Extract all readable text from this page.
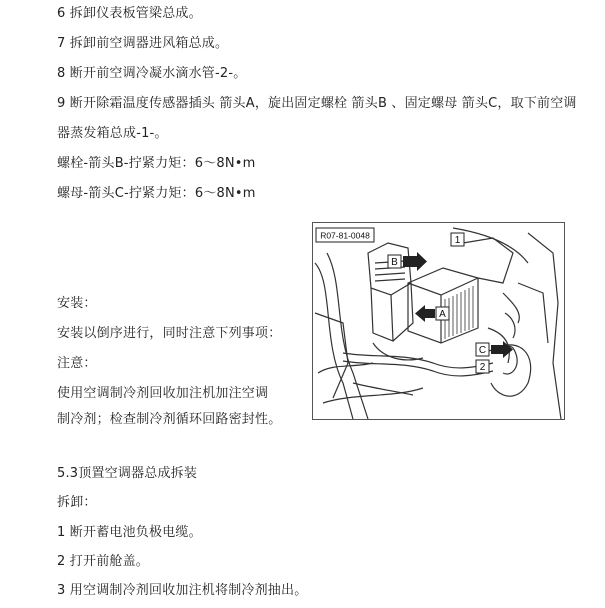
6 拆卸仪表板管梁总成。
7 拆卸前空调器进风箱总成。
8 断开前空调冷凝水滴水管-2-。
9 断开除霜温度传感器插头 箭头A，旋出固定螺栓 箭头B 、固定螺母 箭头C，取下前空调
器蒸发箱总成-1-。
螺栓-箭头B-拧紧力矩：6～8N•m
螺母-箭头C-拧紧力矩：6～8N•m
安装：
安装以倒序进行，同时注意下列事项：
注意：
使用空调制冷剂回收加注机加注空调
制冷剂；检查制冷剂循环回路密封性。
R07-81-0048	1
B
A
C
2
5.3顶置空调器总成拆装
拆卸：
1 断开蓄电池负极电缆。
2 打开前舱盖。
3 用空调制冷剂回收加注机将制冷剂抽出。
